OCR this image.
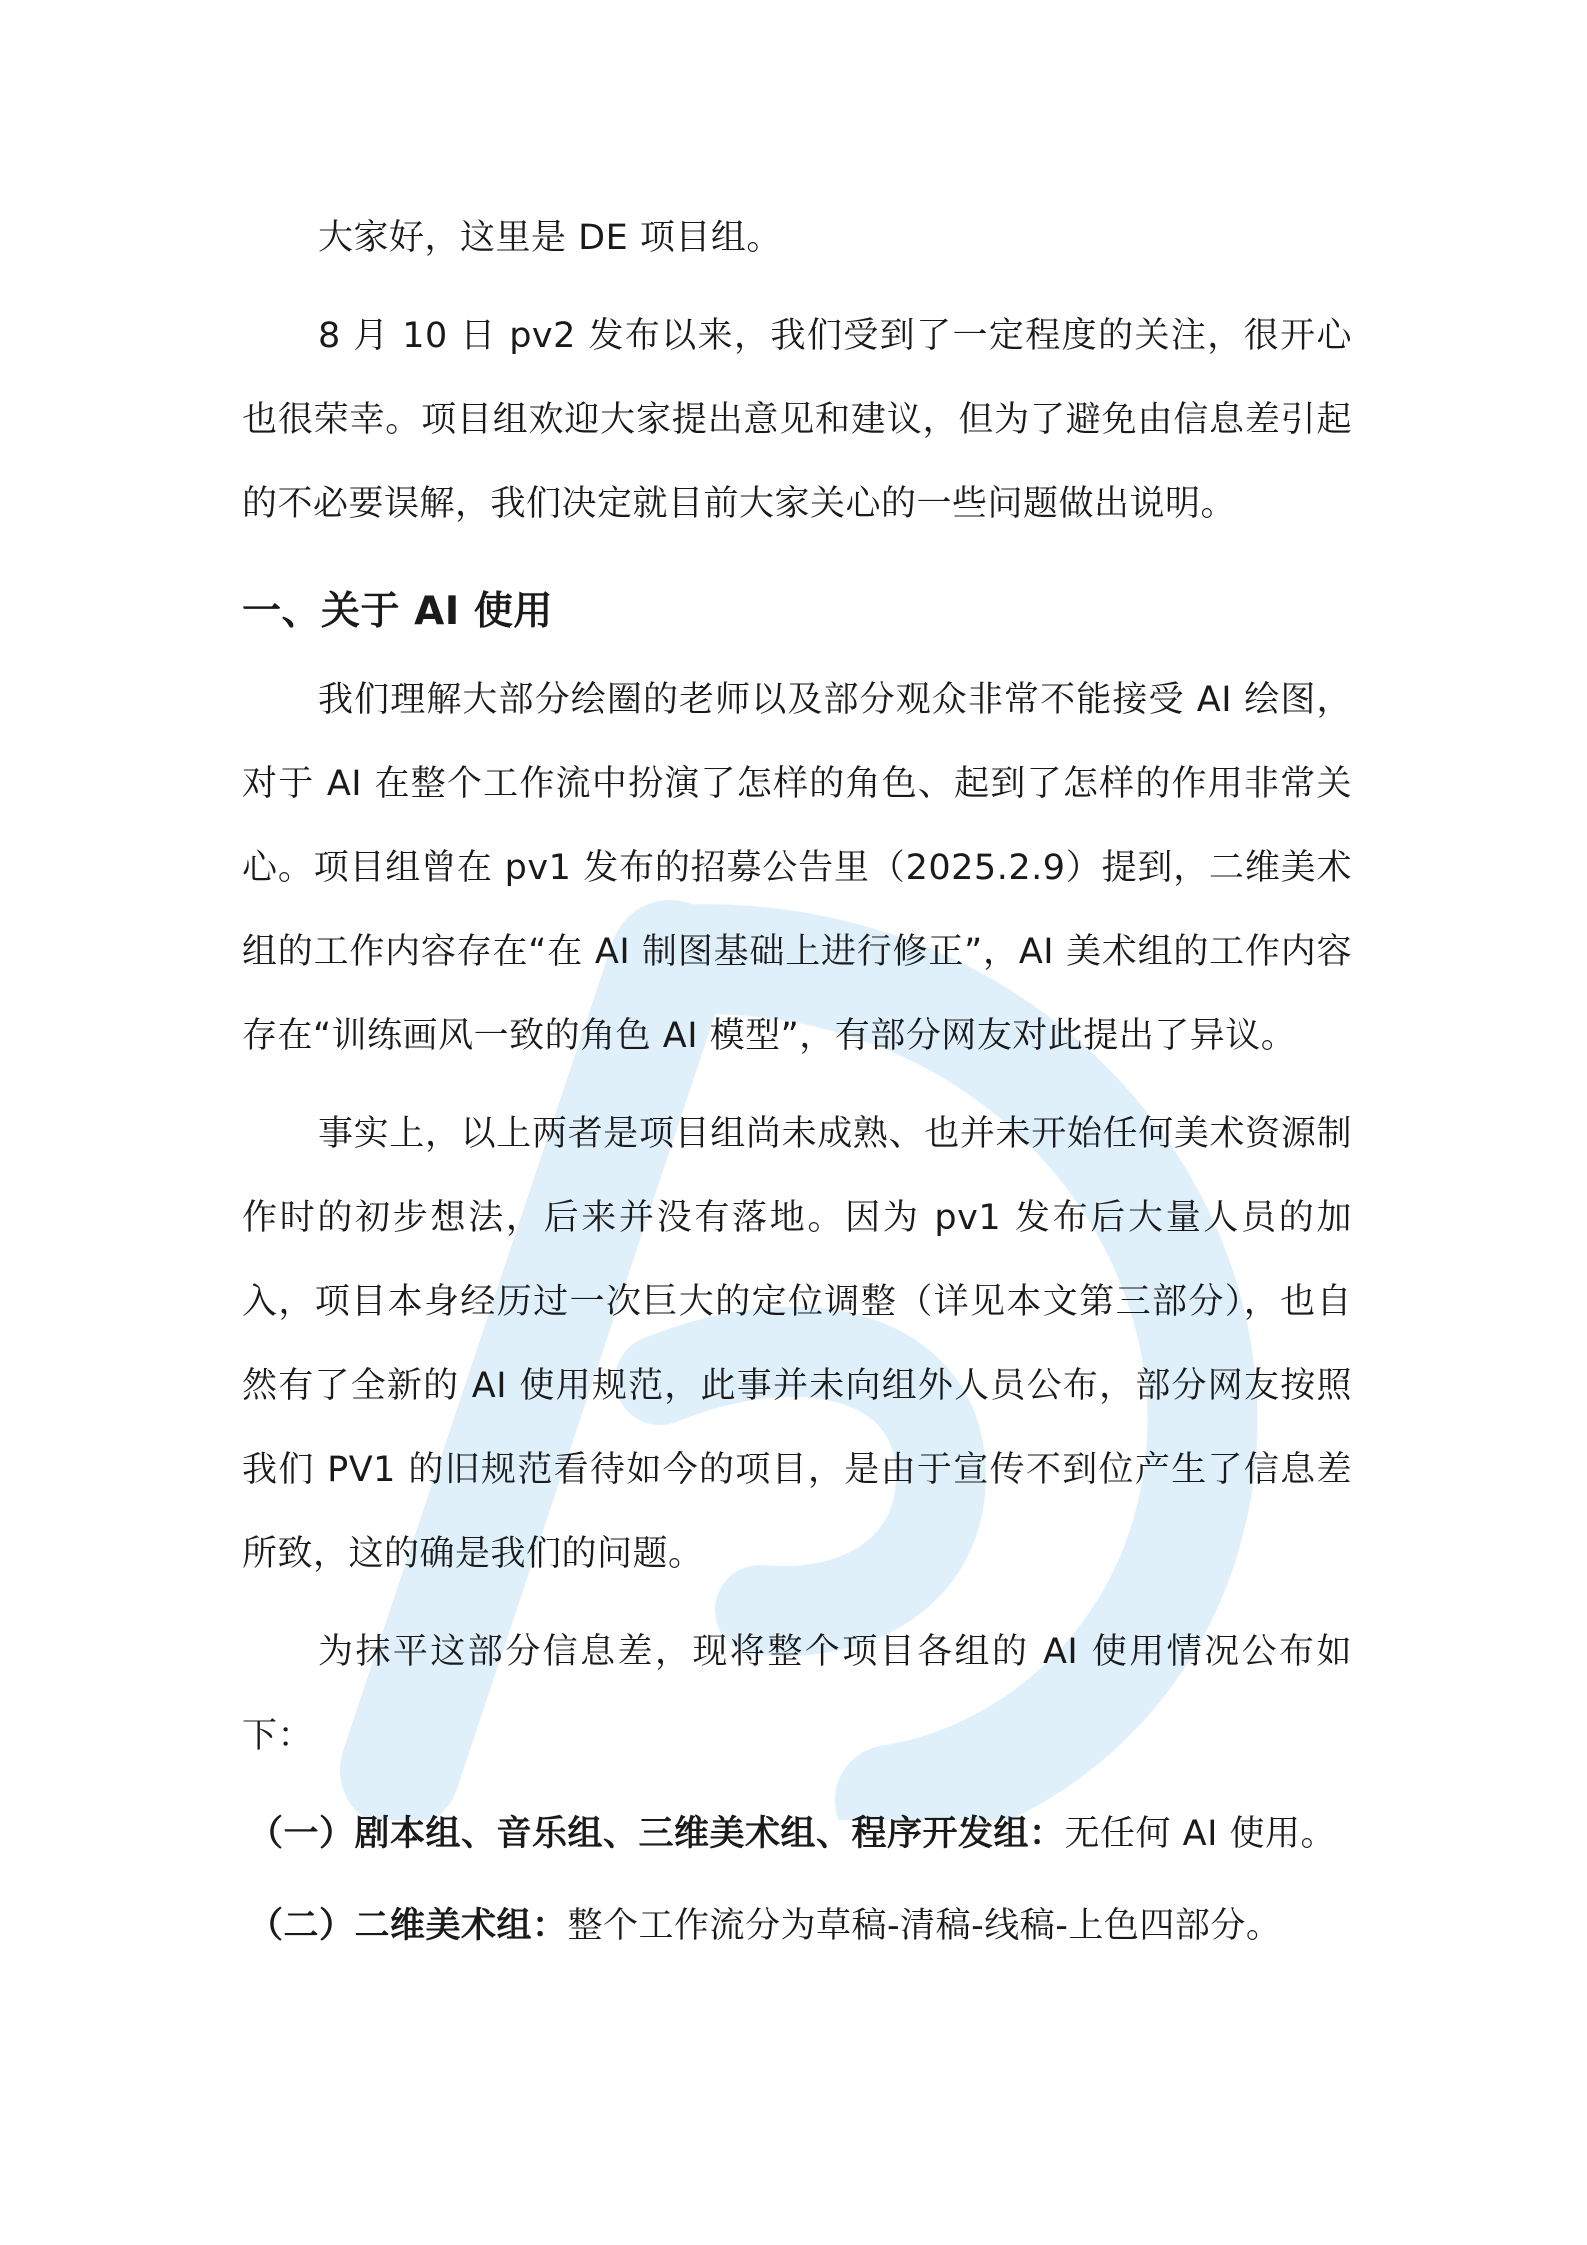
大家好，这里是 DE 项目组。

8 月 10 日 pv2 发布以来，我们受到了一定程度的关注，很开心也很荣幸。项目组欢迎大家提出意见和建议，但为了避免由信息差引起的不必要误解，我们决定就目前大家关心的一些问题做出说明。

一、关于 AI 使用

我们理解大部分绘圈的老师以及部分观众非常不能接受 AI 绘图，对于 AI 在整个工作流中扮演了怎样的角色、起到了怎样的作用非常关心。项目组曾在 pv1 发布的招募公告里（2025.2.9）提到，二维美术组的工作内容存在“在 AI 制图基础上进行修正”，AI 美术组的工作内容存在“训练画风一致的角色 AI 模型”，有部分网友对此提出了异议。

事实上，以上两者是项目组尚未成熟、也并未开始任何美术资源制作时的初步想法，后来并没有落地。因为 pv1 发布后大量人员的加入，项目本身经历过一次巨大的定位调整（详见本文第三部分），也自然有了全新的 AI 使用规范，此事并未向组外人员公布，部分网友按照我们 PV1 的旧规范看待如今的项目，是由于宣传不到位产生了信息差所致，这的确是我们的问题。

为抹平这部分信息差，现将整个项目各组的 AI 使用情况公布如下：

（一）剧本组、音乐组、三维美术组、程序开发组：无任何 AI 使用。

（二）二维美术组：整个工作流分为草稿-清稿-线稿-上色四部分。
